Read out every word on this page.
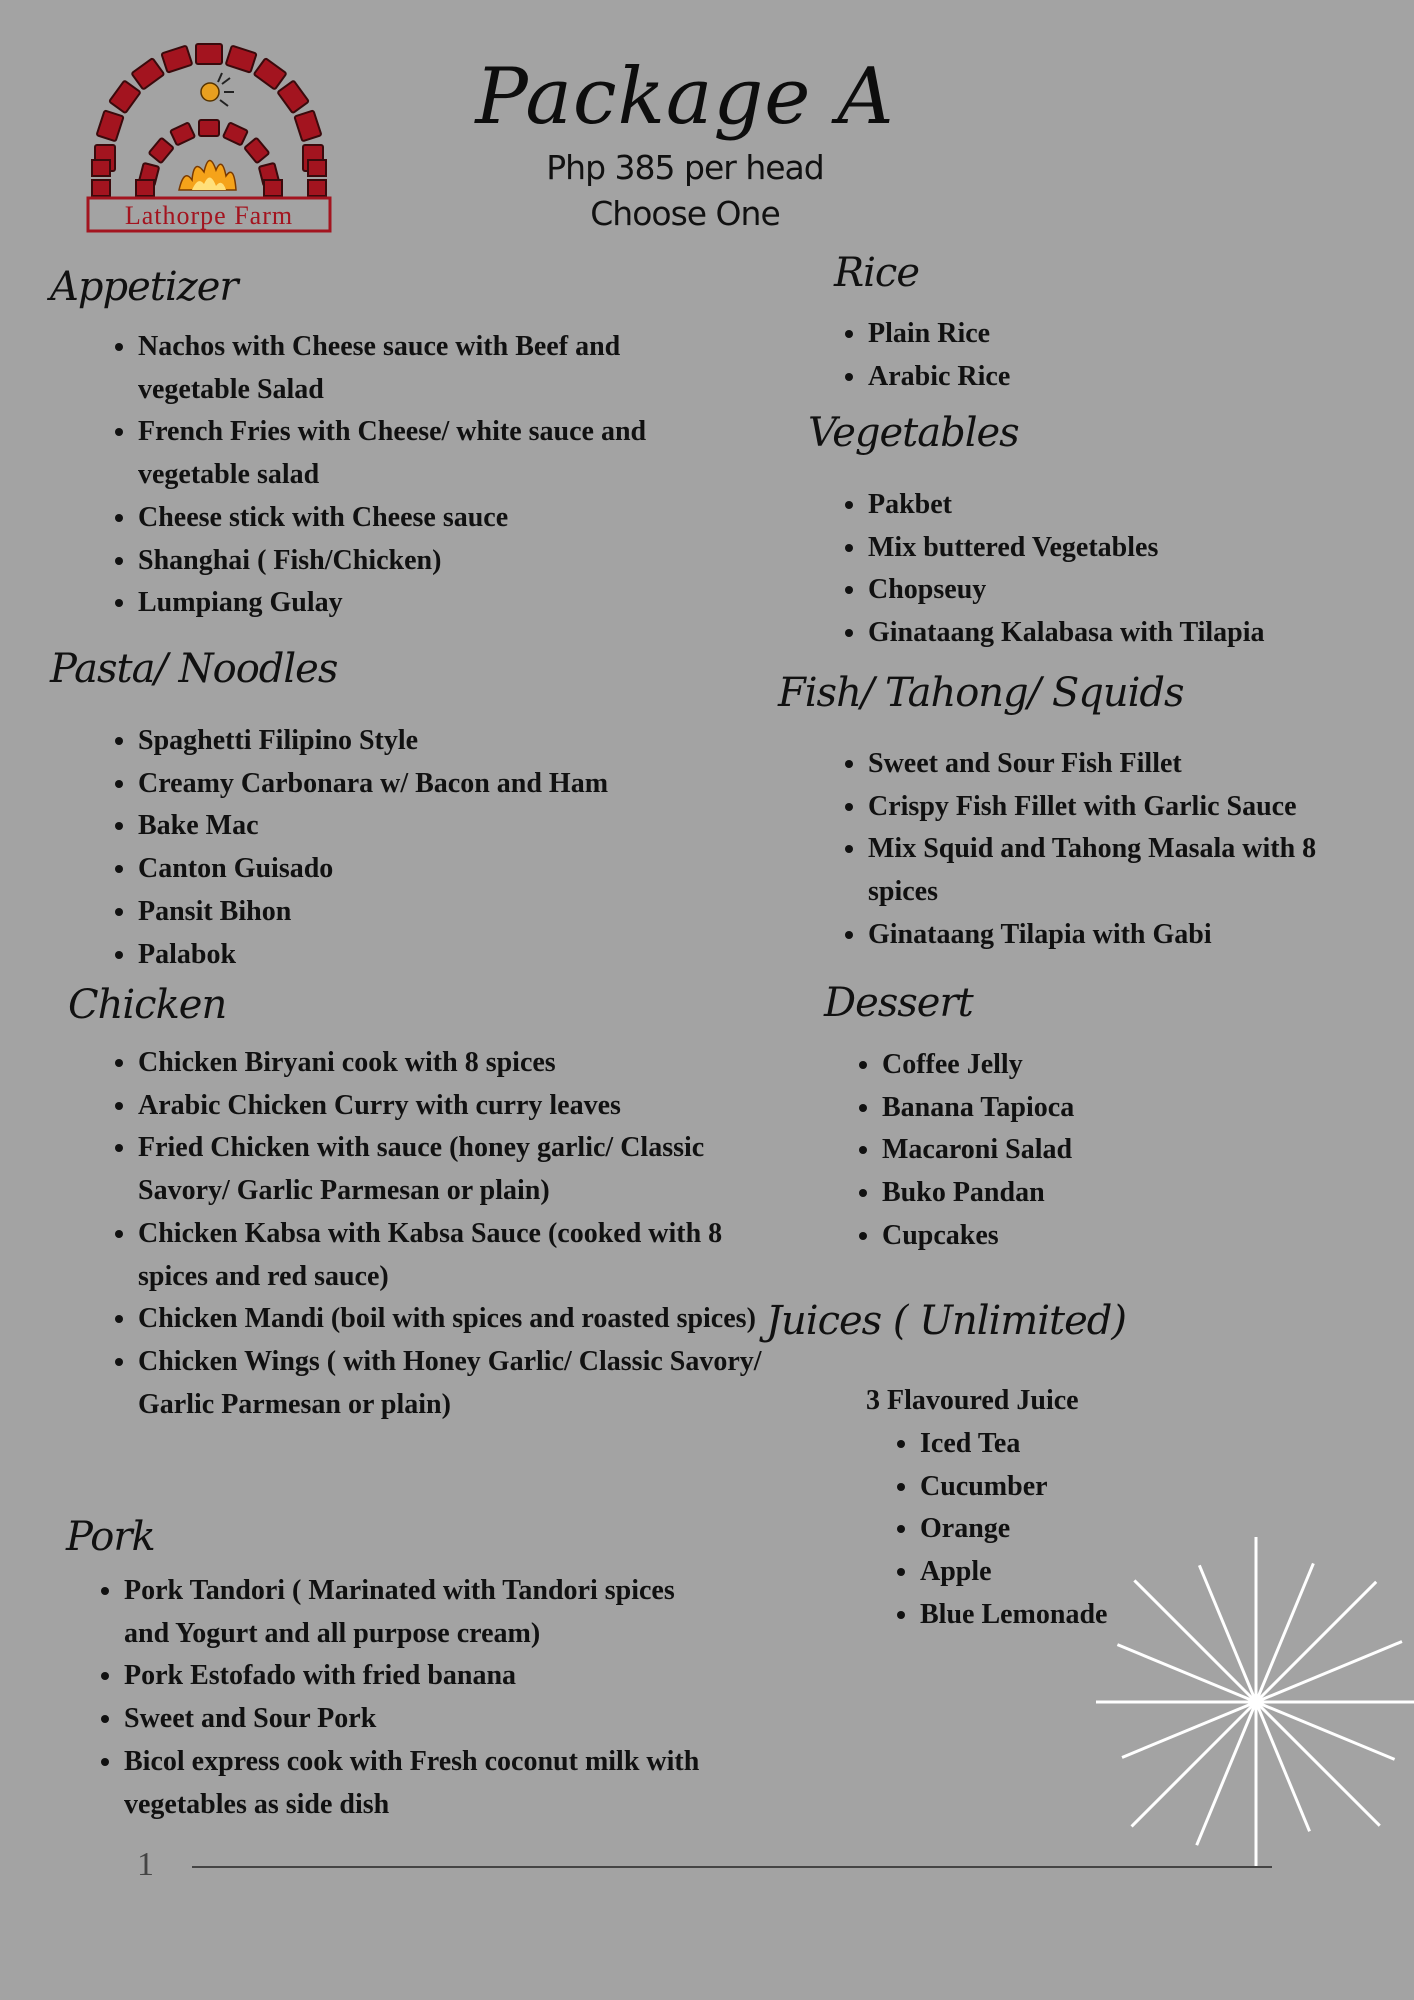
Lathorpe Farm
Package A
Php 385 per head
Choose One
Appetizer
• Nachos with Cheese sauce with Beef and vegetable Salad
• French Fries with Cheese/ white sauce and vegetable salad
• Cheese stick with Cheese sauce
• Shanghai ( Fish/Chicken)
• Lumpiang Gulay
Pasta/ Noodles
• Spaghetti Filipino Style
• Creamy Carbonara w/ Bacon and Ham
• Bake Mac
• Canton Guisado
• Pansit Bihon
• Palabok
Chicken
• Chicken Biryani cook with 8 spices
• Arabic Chicken Curry with curry leaves
• Fried Chicken with sauce (honey garlic/ Classic Savory/ Garlic Parmesan or plain)
• Chicken Kabsa with Kabsa Sauce (cooked with 8 spices and red sauce)
• Chicken Mandi (boil with spices and roasted spices)
• Chicken Wings ( with Honey Garlic/ Classic Savory/ Garlic Parmesan or plain)
Pork
• Pork Tandori ( Marinated with Tandori spices and Yogurt and all purpose cream)
• Pork Estofado with fried banana
• Sweet and Sour Pork
• Bicol express cook with Fresh coconut milk with vegetables as side dish
Rice
• Plain Rice
• Arabic Rice
Vegetables
• Pakbet
• Mix buttered Vegetables
• Chopseuy
• Ginataang Kalabasa with Tilapia
Fish/ Tahong/ Squids
• Sweet and Sour Fish Fillet
• Crispy Fish Fillet with Garlic Sauce
• Mix Squid and Tahong Masala with 8 spices
• Ginataang Tilapia with Gabi
Dessert
• Coffee Jelly
• Banana Tapioca
• Macaroni Salad
• Buko Pandan
• Cupcakes
Juices ( Unlimited)
3 Flavoured Juice
• Iced Tea
• Cucumber
• Orange
• Apple
• Blue Lemonade
1
